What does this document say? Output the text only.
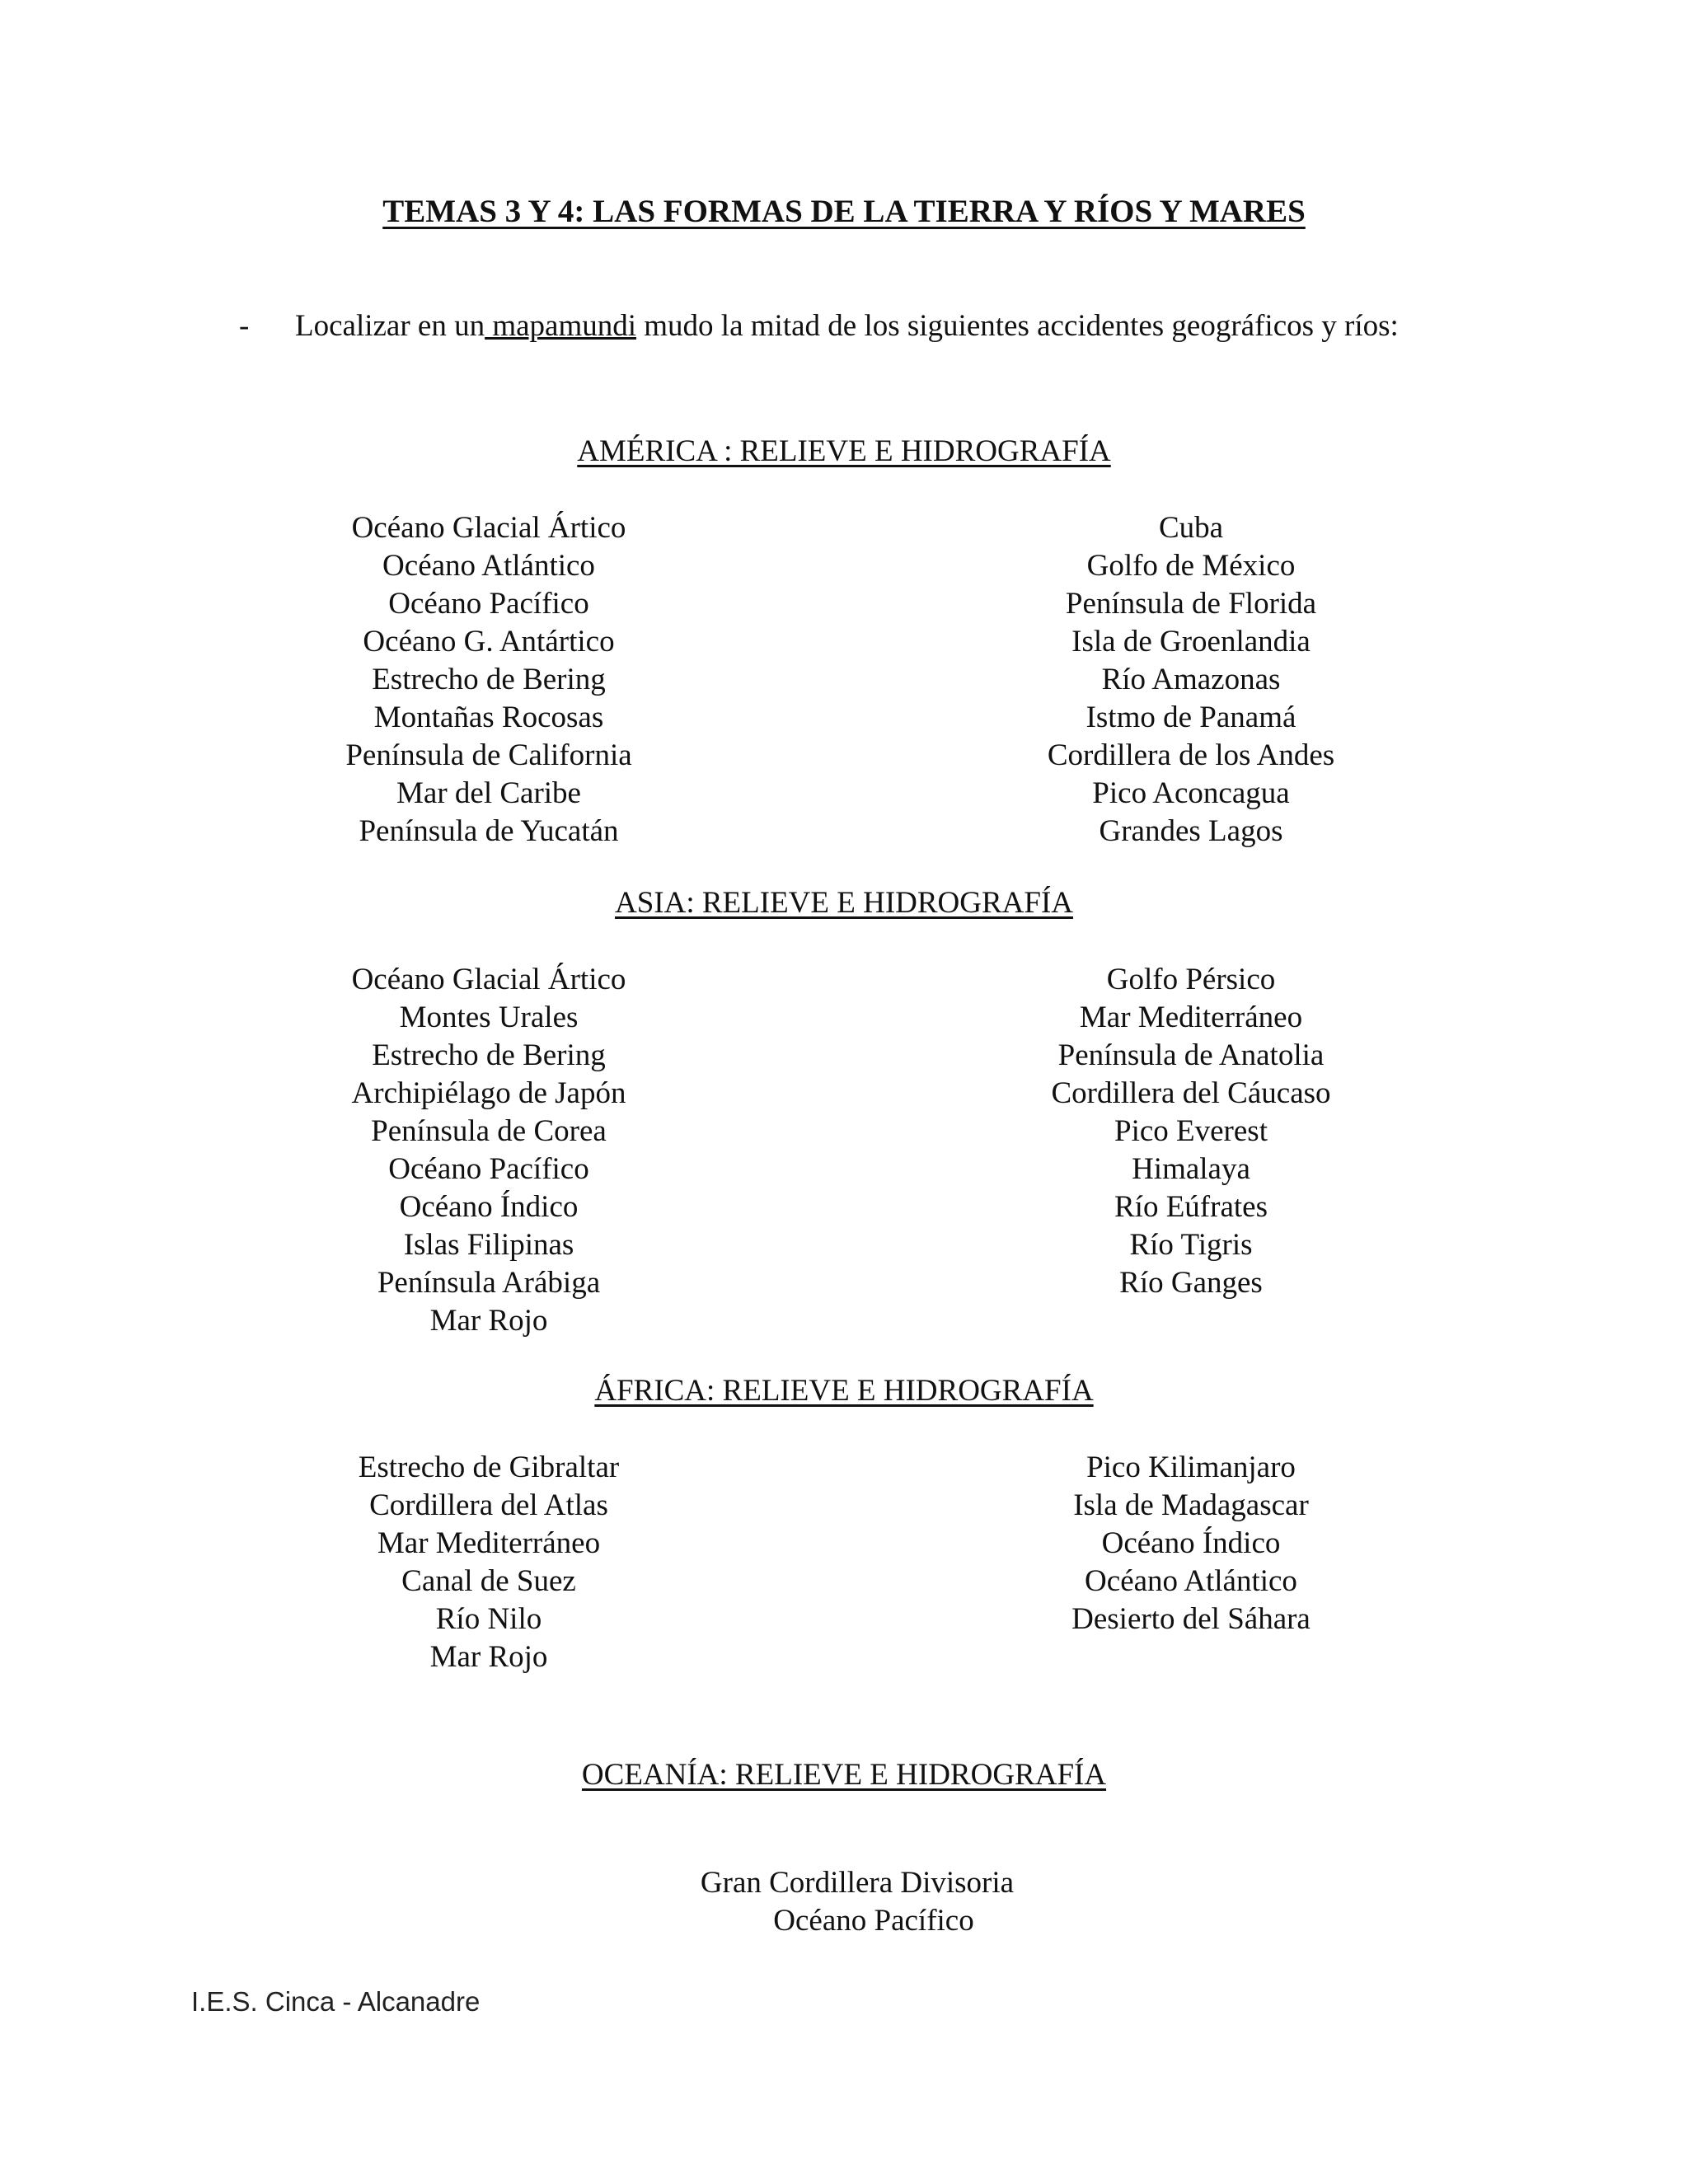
TEMAS 3 Y 4: LAS FORMAS DE LA TIERRA Y RÍOS Y MARES
- Localizar en un mapamundi mudo la mitad de los siguientes accidentes geográficos y ríos:
AMÉRICA : RELIEVE E HIDROGRAFÍA
Océano Glacial Ártico
Océano Atlántico
Océano Pacífico
Océano G. Antártico
Estrecho de Bering
Montañas Rocosas
Península de California
Mar del Caribe
Península de Yucatán
Cuba
Golfo de México
Península de Florida
Isla de Groenlandia
Río Amazonas
Istmo de Panamá
Cordillera de los Andes
Pico Aconcagua
Grandes Lagos
ASIA: RELIEVE E HIDROGRAFÍA
Océano Glacial Ártico
Montes Urales
Estrecho de Bering
Archipiélago de Japón
Península de Corea
Océano Pacífico
Océano Índico
Islas Filipinas
Península Arábiga
Mar Rojo
Golfo Pérsico
Mar Mediterráneo
Península de Anatolia
Cordillera del Cáucaso
Pico Everest
Himalaya
Río Eúfrates
Río Tigris
Río Ganges
ÁFRICA: RELIEVE E HIDROGRAFÍA
Estrecho de Gibraltar
Cordillera del Atlas
Mar Mediterráneo
Canal de Suez
Río Nilo
Mar Rojo
Pico Kilimanjaro
Isla de Madagascar
Océano Índico
Océano Atlántico
Desierto del Sáhara
OCEANÍA: RELIEVE E HIDROGRAFÍA
Gran Cordillera Divisoria
Océano Pacífico
I.E.S. Cinca - Alcanadre
